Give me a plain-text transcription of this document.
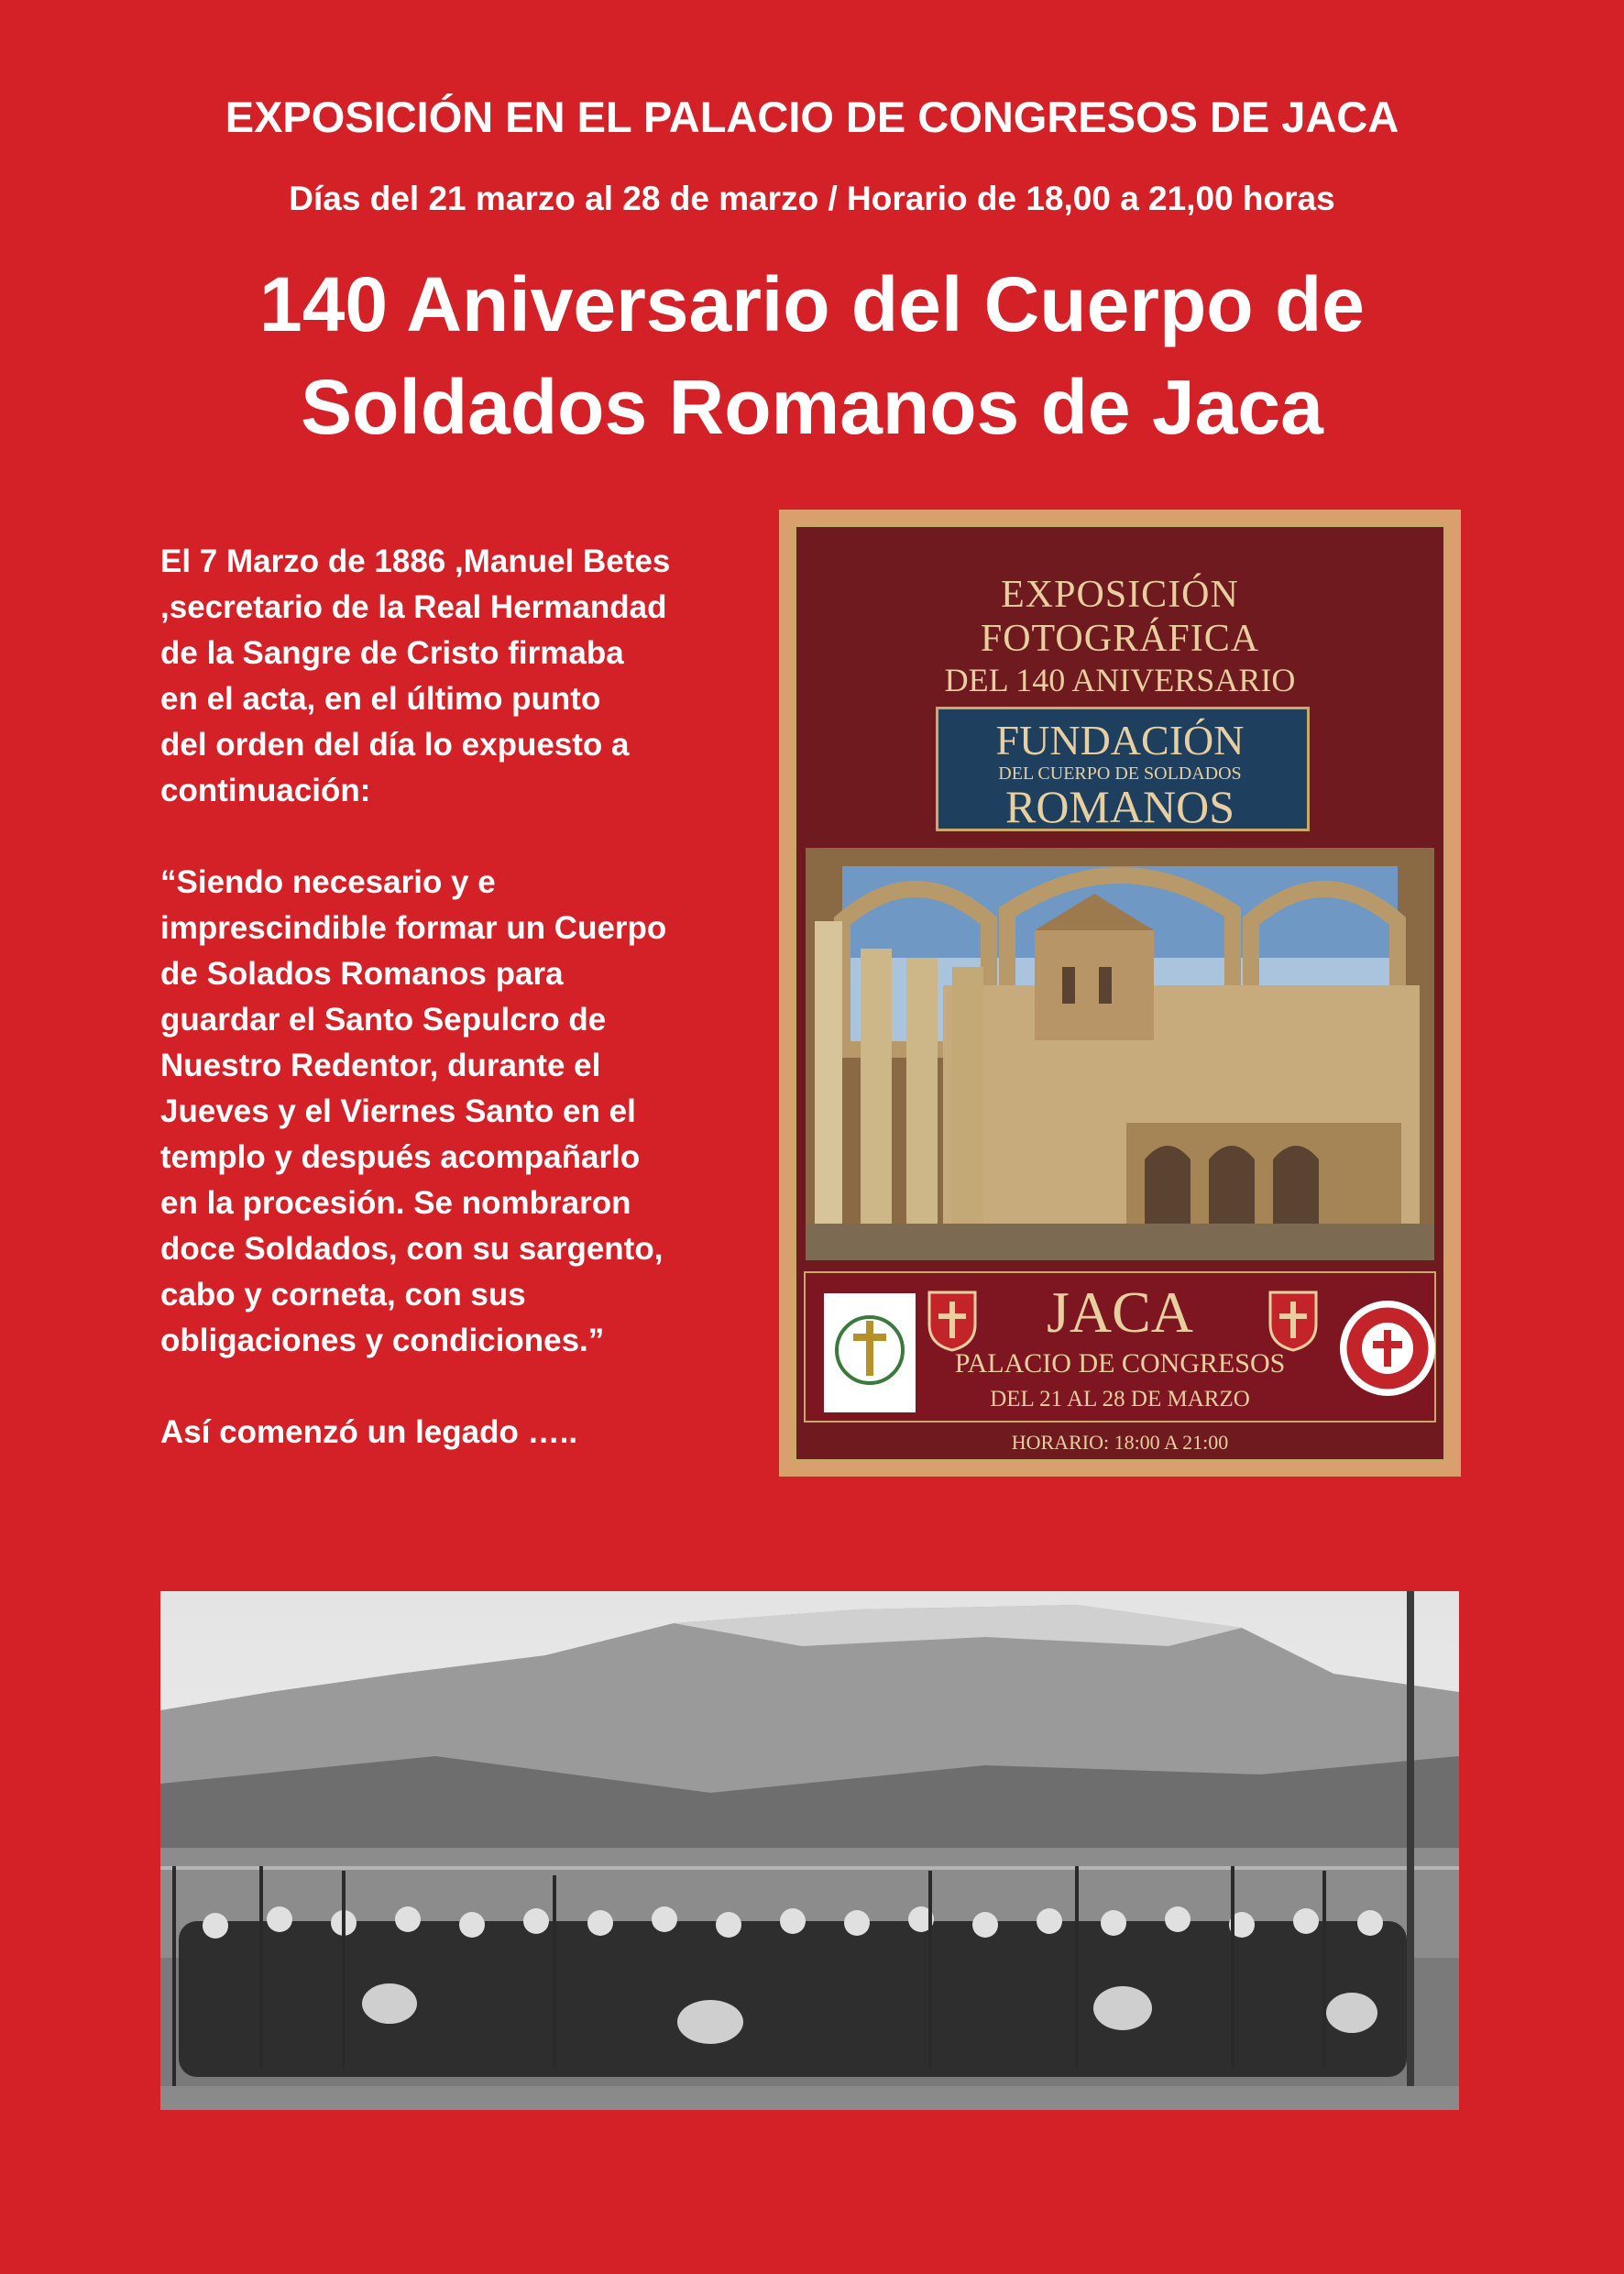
EXPOSICIÓN EN EL PALACIO DE CONGRESOS DE JACA
Días del 21 marzo al 28 de marzo / Horario de 18,00 a 21,00 horas
140 Aniversario del Cuerpo de
Soldados Romanos de Jaca

El 7 Marzo de 1886 ,Manuel Betes
,secretario de la Real Hermandad
de la Sangre de Cristo firmaba
en el acta, en el último punto
del orden del día lo expuesto a
continuación:

“Siendo necesario y e
imprescindible formar un Cuerpo
de Solados Romanos para
guardar el Santo Sepulcro de
Nuestro Redentor, durante el
Jueves y el Viernes Santo en el
templo y después acompañarlo
en la procesión. Se nombraron
doce Soldados, con su sargento,
cabo y corneta, con sus
obligaciones y condiciones.”

Así comenzó un legado …..

EXPOSICIÓN
FOTOGRÁFICA
DEL 140 ANIVERSARIO
FUNDACIÓN
DEL CUERPO DE SOLDADOS
ROMANOS
JACA
PALACIO DE CONGRESOS
DEL 21 AL 28 DE MARZO
HORARIO: 18:00 A 21:00
